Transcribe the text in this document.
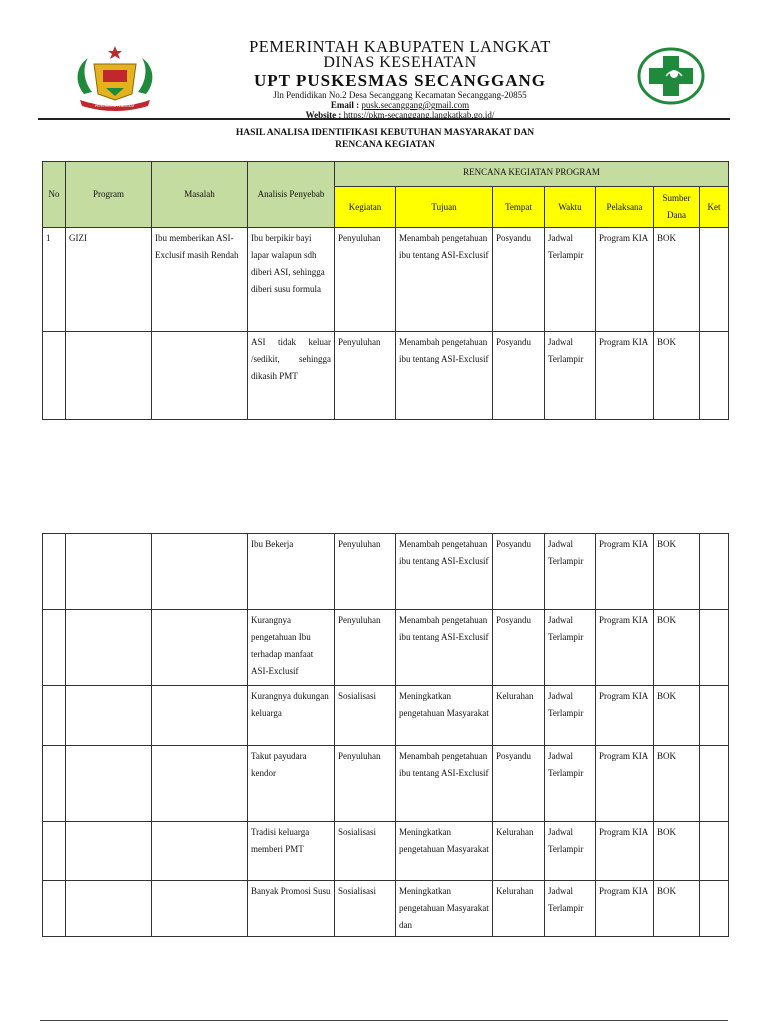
PEMERINTAH LANGKAT
PEMERINTAH KABUPATEN LANGKAT
DINAS KESEHATAN
UPT PUSKESMAS SECANGGANG
Jln Pendidikan No.2 Desa Secanggang Kecamatan Secanggang-20855
Email : pusk.secanggang@gmail.com
Website : https://pkm-secanggang.langkatkab.go.id/
HASIL ANALISA IDENTIFIKASI KEBUTUHAN MASYARAKAT DAN
RENCANA KEGIATAN
No	Program	Masalah	Analisis Penyebab	RENCANA KEGIATAN PROGRAM						
				Kegiatan	Tujuan	Tempat	Waktu	Pelaksana	Sumber Dana	Ket
1	GIZI	Ibu memberikan ASI-Exclusif masih Rendah	Ibu berpikir bayi lapar walapun sdh diberi ASI, sehingga diberi susu formula	Penyuluhan	Menambah pengetahuan ibu tentang ASI-Exclusif	Posyandu	Jadwal Terlampir	Program KIA	BOK	
			ASI tidak keluar /sedikit, sehingga dikasih PMT	Penyuluhan	Menambah pengetahuan ibu tentang ASI-Exclusif	Posyandu	Jadwal Terlampir	Program KIA	BOK	
			Ibu Bekerja	Penyuluhan	Menambah pengetahuan ibu tentang ASI-Exclusif	Posyandu	Jadwal Terlampir	Program KIA	BOK	
			Kurangnya pengetahuan Ibu terhadap manfaat ASI-Exclusif	Penyuluhan	Menambah pengetahuan ibu tentang ASI-Exclusif	Posyandu	Jadwal Terlampir	Program KIA	BOK	
			Kurangnya dukungan keluarga	Sosialisasi	Meningkatkan pengetahuan Masyarakat	Kelurahan	Jadwal Terlampir	Program KIA	BOK	
			Takut payudara kendor	Penyuluhan	Menambah pengetahuan ibu tentang ASI-Exclusif	Posyandu	Jadwal Terlampir	Program KIA	BOK	
			Tradisi keluarga memberi PMT	Sosialisasi	Meningkatkan pengetahuan Masyarakat	Kelurahan	Jadwal Terlampir	Program KIA	BOK	
			Banyak Promosi Susu	Sosialisasi	Meningkatkan pengetahuan Masyarakat dan	Kelurahan	Jadwal Terlampir	Program KIA	BOK	
